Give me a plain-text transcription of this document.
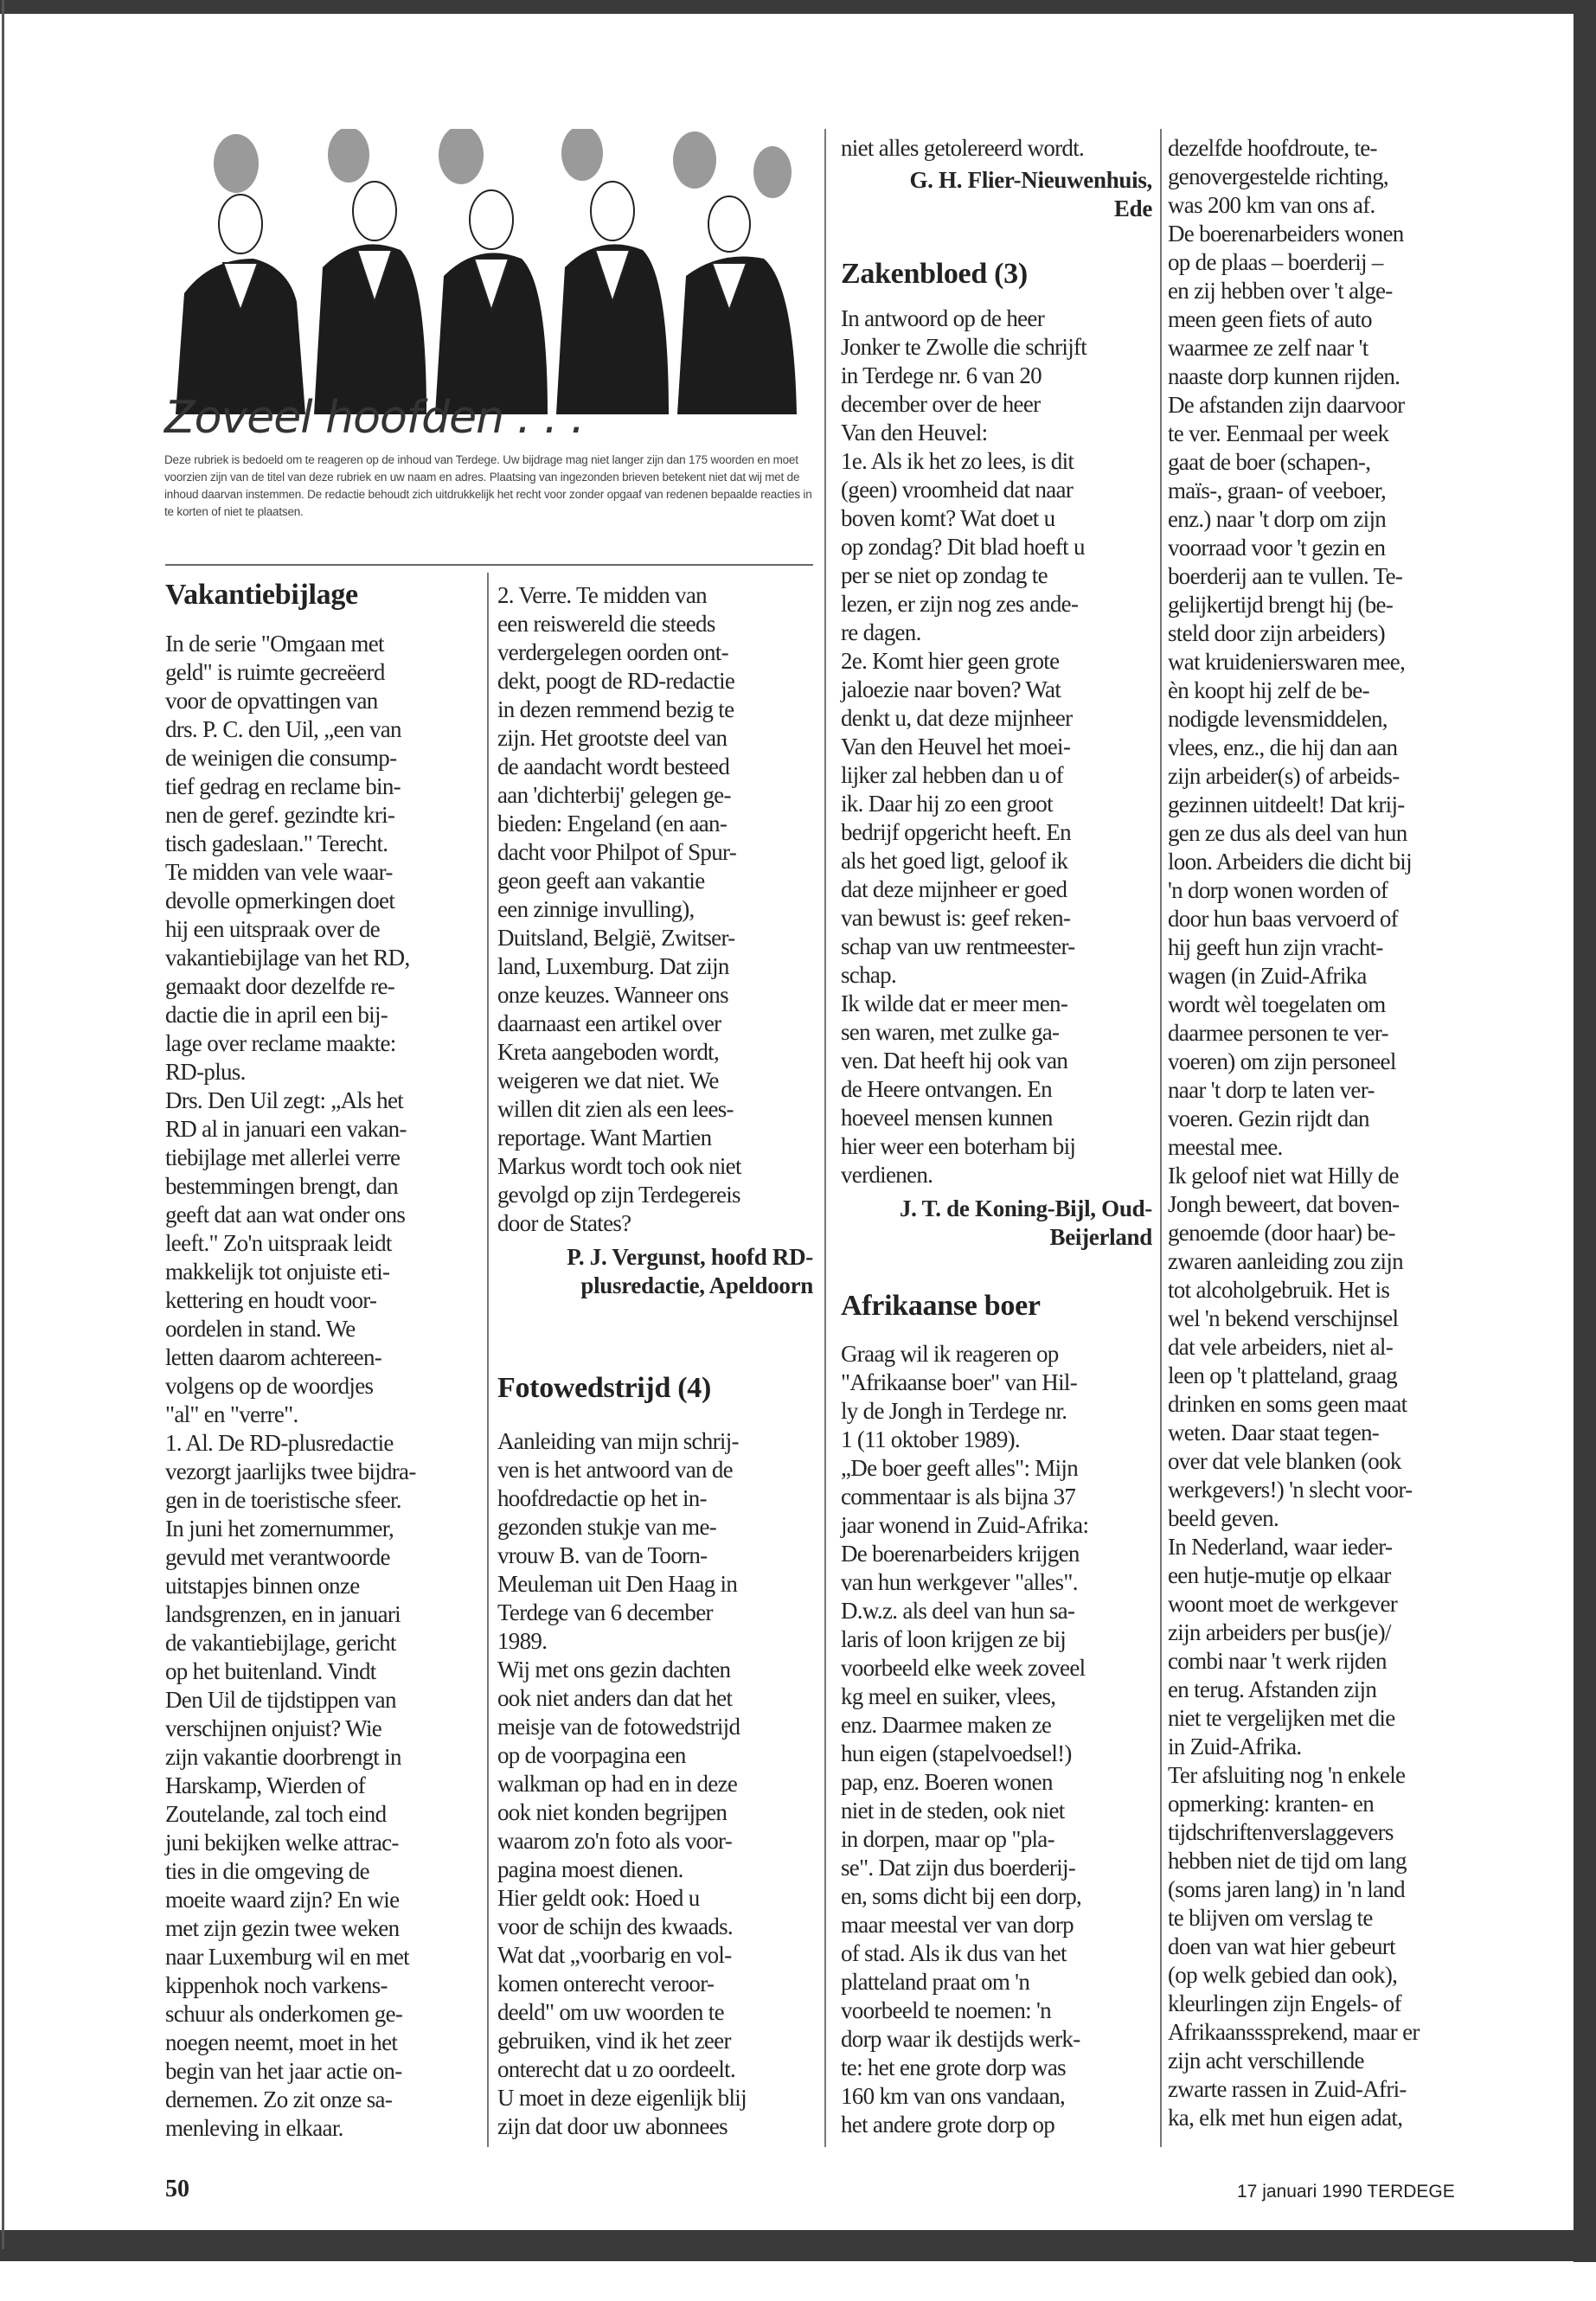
Zoveel hoofden . . .
Deze rubriek is bedoeld om te reageren op de inhoud van Terdege. Uw bijdrage mag niet langer zijn dan 175 woorden en moet voorzien zijn van de titel van deze rubriek en uw naam en adres. Plaatsing van ingezonden brieven betekent niet dat wij met de inhoud daarvan instemmen. De redactie behoudt zich uitdrukkelijk het recht voor zonder opgaaf van redenen bepaalde reacties in te korten of niet te plaatsen.
Vakantiebijlage
In de serie "Omgaan met
geld" is ruimte gecreëerd
voor de opvattingen van
drs. P. C. den Uil, „een van
de weinigen die consump-
tief gedrag en reclame bin-
nen de geref. gezindte kri-
tisch gadeslaan." Terecht.
Te midden van vele waar-
devolle opmerkingen doet
hij een uitspraak over de
vakantiebijlage van het RD,
gemaakt door dezelfde re-
dactie die in april een bij-
lage over reclame maakte:
RD-plus.
Drs. Den Uil zegt: „Als het
RD al in januari een vakan-
tiebijlage met allerlei verre
bestemmingen brengt, dan
geeft dat aan wat onder ons
leeft." Zo'n uitspraak leidt
makkelijk tot onjuiste eti-
kettering en houdt voor-
oordelen in stand. We
letten daarom achtereen-
volgens op de woordjes
"al" en "verre".
1. Al. De RD-plusredactie
vezorgt jaarlijks twee bijdra-
gen in de toeristische sfeer.
In juni het zomernummer,
gevuld met verantwoorde
uitstapjes binnen onze
landsgrenzen, en in januari
de vakantiebijlage, gericht
op het buitenland. Vindt
Den Uil de tijdstippen van
verschijnen onjuist? Wie
zijn vakantie doorbrengt in
Harskamp, Wierden of
Zoutelande, zal toch eind
juni bekijken welke attrac-
ties in die omgeving de
moeite waard zijn? En wie
met zijn gezin twee weken
naar Luxemburg wil en met
kippenhok noch varkens-
schuur als onderkomen ge-
noegen neemt, moet in het
begin van het jaar actie on-
dernemen. Zo zit onze sa-
menleving in elkaar.
2. Verre. Te midden van
een reiswereld die steeds
verdergelegen oorden ont-
dekt, poogt de RD-redactie
in dezen remmend bezig te
zijn. Het grootste deel van
de aandacht wordt besteed
aan 'dichterbij' gelegen ge-
bieden: Engeland (en aan-
dacht voor Philpot of Spur-
geon geeft aan vakantie
een zinnige invulling),
Duitsland, België, Zwitser-
land, Luxemburg. Dat zijn
onze keuzes. Wanneer ons
daarnaast een artikel over
Kreta aangeboden wordt,
weigeren we dat niet. We
willen dit zien als een lees-
reportage. Want Martien
Markus wordt toch ook niet
gevolgd op zijn Terdegereis
door de States?
P. J. Vergunst, hoofd RD-
plusredactie, Apeldoorn
Fotowedstrijd (4)
Aanleiding van mijn schrij-
ven is het antwoord van de
hoofdredactie op het in-
gezonden stukje van me-
vrouw B. van de Toorn-
Meuleman uit Den Haag in
Terdege van 6 december
1989.
Wij met ons gezin dachten
ook niet anders dan dat het
meisje van de fotowedstrijd
op de voorpagina een
walkman op had en in deze
ook niet konden begrijpen
waarom zo'n foto als voor-
pagina moest dienen.
Hier geldt ook: Hoed u
voor de schijn des kwaads.
Wat dat „voorbarig en vol-
komen onterecht veroor-
deeld" om uw woorden te
gebruiken, vind ik het zeer
onterecht dat u zo oordeelt.
U moet in deze eigenlijk blij
zijn dat door uw abonnees
niet alles getolereerd wordt.
G. H. Flier-Nieuwenhuis,
Ede
Zakenbloed (3)
In antwoord op de heer
Jonker te Zwolle die schrijft
in Terdege nr. 6 van 20
december over de heer
Van den Heuvel:
1e. Als ik het zo lees, is dit
(geen) vroomheid dat naar
boven komt? Wat doet u
op zondag? Dit blad hoeft u
per se niet op zondag te
lezen, er zijn nog zes ande-
re dagen.
2e. Komt hier geen grote
jaloezie naar boven? Wat
denkt u, dat deze mijnheer
Van den Heuvel het moei-
lijker zal hebben dan u of
ik. Daar hij zo een groot
bedrijf opgericht heeft. En
als het goed ligt, geloof ik
dat deze mijnheer er goed
van bewust is: geef reken-
schap van uw rentmeester-
schap.
Ik wilde dat er meer men-
sen waren, met zulke ga-
ven. Dat heeft hij ook van
de Heere ontvangen. En
hoeveel mensen kunnen
hier weer een boterham bij
verdienen.
J. T. de Koning-Bijl, Oud-
Beijerland
Afrikaanse boer
Graag wil ik reageren op
"Afrikaanse boer" van Hil-
ly de Jongh in Terdege nr.
1 (11 oktober 1989).
„De boer geeft alles": Mijn
commentaar is als bijna 37
jaar wonend in Zuid-Afrika:
De boerenarbeiders krijgen
van hun werkgever "alles".
D.w.z. als deel van hun sa-
laris of loon krijgen ze bij
voorbeeld elke week zoveel
kg meel en suiker, vlees,
enz. Daarmee maken ze
hun eigen (stapelvoedsel!)
pap, enz. Boeren wonen
niet in de steden, ook niet
in dorpen, maar op "pla-
se". Dat zijn dus boerderij-
en, soms dicht bij een dorp,
maar meestal ver van dorp
of stad. Als ik dus van het
platteland praat om 'n
voorbeeld te noemen: 'n
dorp waar ik destijds werk-
te: het ene grote dorp was
160 km van ons vandaan,
het andere grote dorp op
dezelfde hoofdroute, te-
genovergestelde richting,
was 200 km van ons af.
De boerenarbeiders wonen
op de plaas – boerderij –
en zij hebben over 't alge-
meen geen fiets of auto
waarmee ze zelf naar 't
naaste dorp kunnen rijden.
De afstanden zijn daarvoor
te ver. Eenmaal per week
gaat de boer (schapen-,
maïs-, graan- of veeboer,
enz.) naar 't dorp om zijn
voorraad voor 't gezin en
boerderij aan te vullen. Te-
gelijkertijd brengt hij (be-
steld door zijn arbeiders)
wat kruidenierswaren mee,
èn koopt hij zelf de be-
nodigde levensmiddelen,
vlees, enz., die hij dan aan
zijn arbeider(s) of arbeids-
gezinnen uitdeelt! Dat krij-
gen ze dus als deel van hun
loon. Arbeiders die dicht bij
'n dorp wonen worden of
door hun baas vervoerd of
hij geeft hun zijn vracht-
wagen (in Zuid-Afrika
wordt wèl toegelaten om
daarmee personen te ver-
voeren) om zijn personeel
naar 't dorp te laten ver-
voeren. Gezin rijdt dan
meestal mee.
Ik geloof niet wat Hilly de
Jongh beweert, dat boven-
genoemde (door haar) be-
zwaren aanleiding zou zijn
tot alcoholgebruik. Het is
wel 'n bekend verschijnsel
dat vele arbeiders, niet al-
leen op 't platteland, graag
drinken en soms geen maat
weten. Daar staat tegen-
over dat vele blanken (ook
werkgevers!) 'n slecht voor-
beeld geven.
In Nederland, waar ieder-
een hutje-mutje op elkaar
woont moet de werkgever
zijn arbeiders per bus(je)/
combi naar 't werk rijden
en terug. Afstanden zijn
niet te vergelijken met die
in Zuid-Afrika.
Ter afsluiting nog 'n enkele
opmerking: kranten- en
tijdschriftenverslaggevers
hebben niet de tijd om lang
(soms jaren lang) in 'n land
te blijven om verslag te
doen van wat hier gebeurt
(op welk gebied dan ook),
kleurlingen zijn Engels- of
Afrikaansssprekend, maar er
zijn acht verschillende
zwarte rassen in Zuid-Afri-
ka, elk met hun eigen adat,
50	17 januari 1990 TERDEGE
